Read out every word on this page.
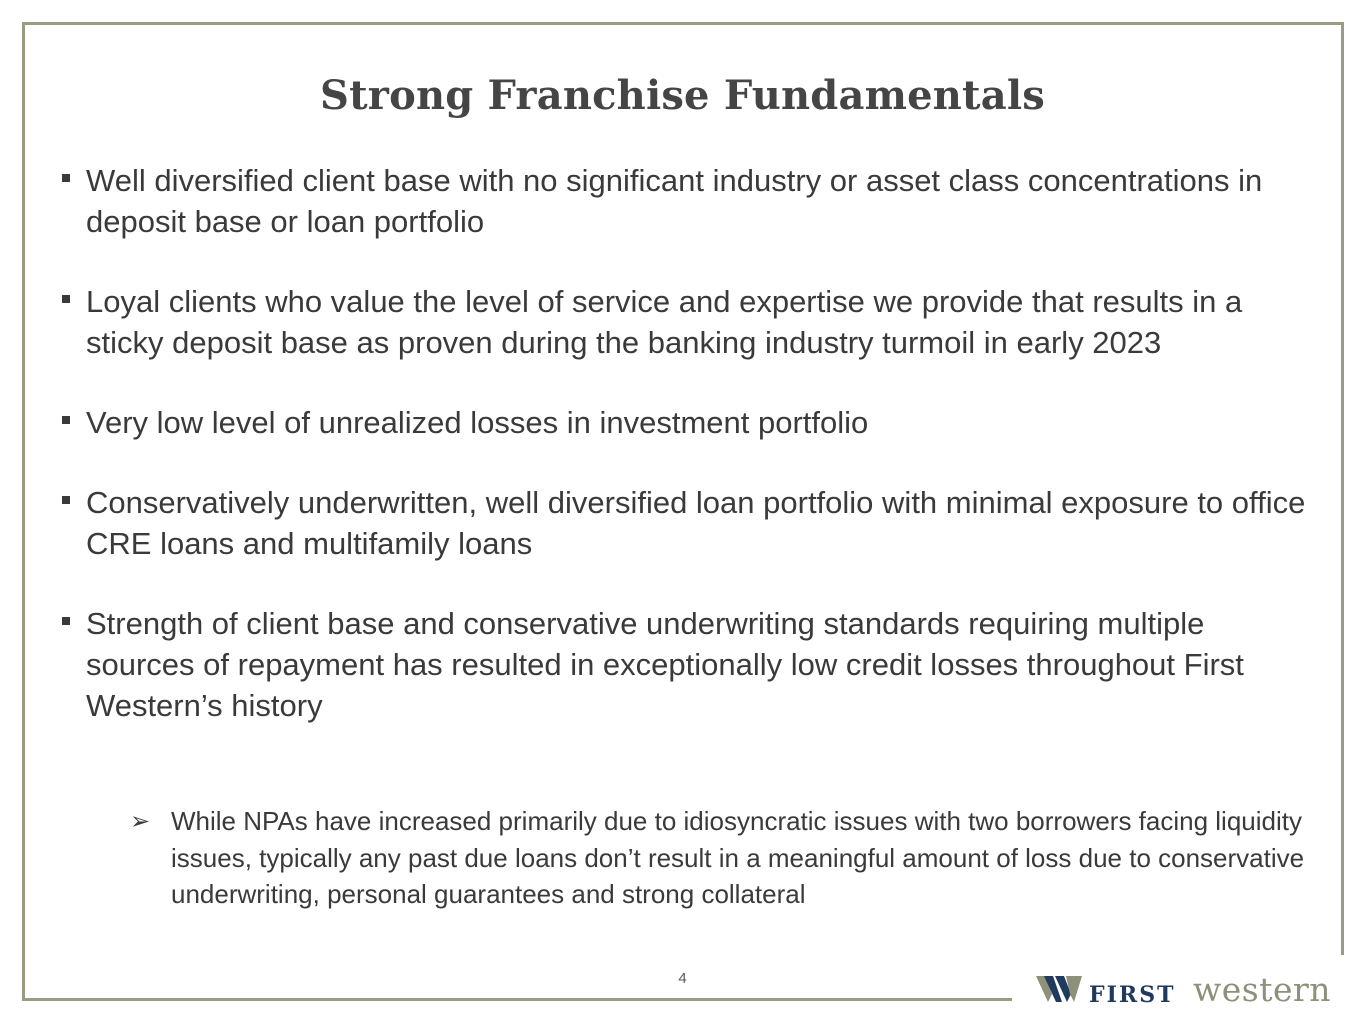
Strong Franchise Fundamentals
Well diversified client base with no significant industry or asset class concentrations in deposit base or loan portfolio
Loyal clients who value the level of service and expertise we provide that results in a sticky deposit base as proven during the banking industry turmoil in early 2023
Very low level of unrealized losses in investment portfolio
Conservatively underwritten, well diversified loan portfolio with minimal exposure to office CRE loans and multifamily loans
Strength of client base and conservative underwriting standards requiring multiple sources of repayment has resulted in exceptionally low credit losses throughout First Western’s history
➢ While NPAs have increased primarily due to idiosyncratic issues with two borrowers facing liquidity issues, typically any past due loans don’t result in a meaningful amount of loss due to conservative underwriting, personal guarantees and strong collateral
4
FIRST western
